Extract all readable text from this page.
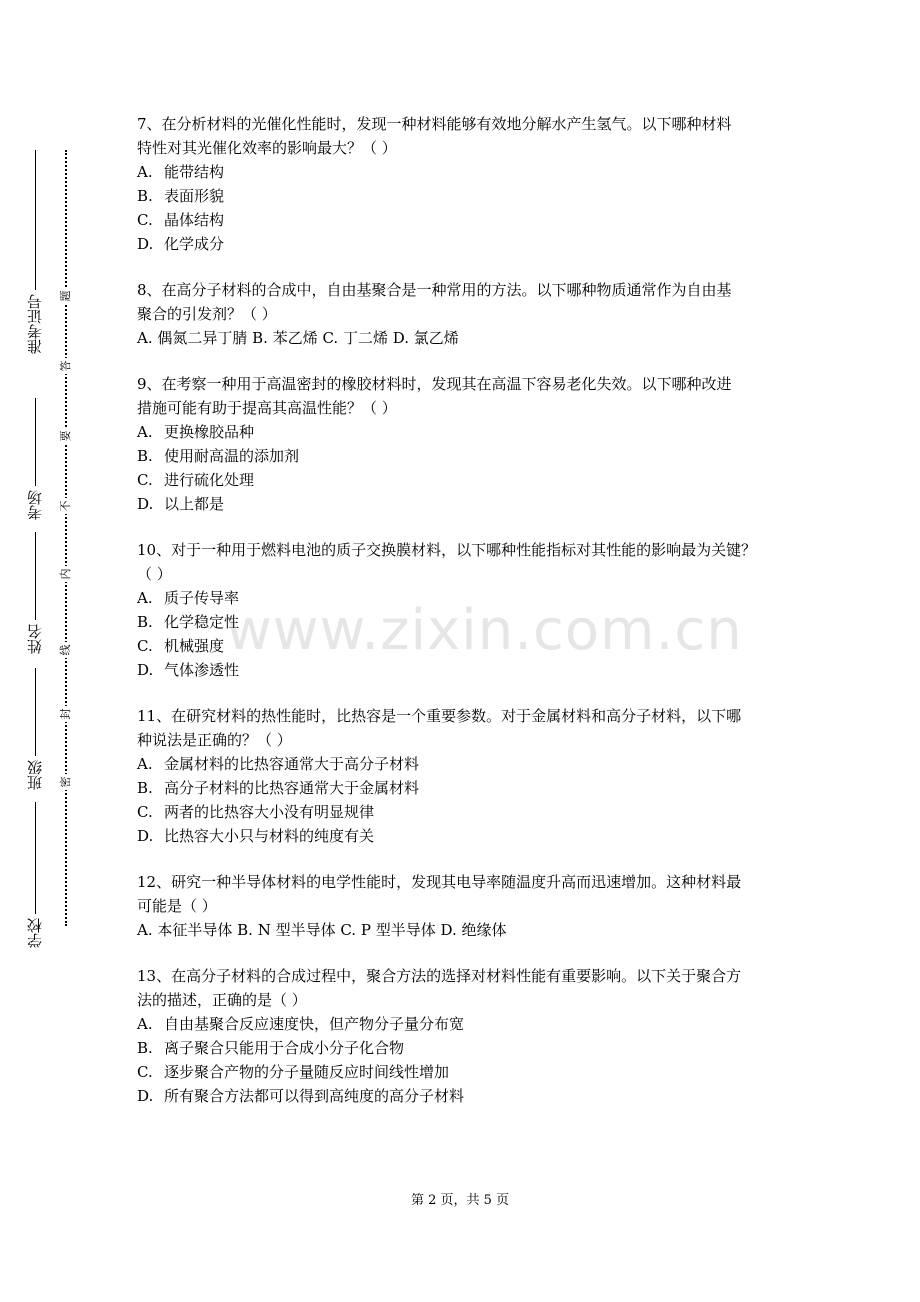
准考证号
考场
姓名
班级
学校
题
答
要
不
内
线
封
密
www.zixin.com.cn

7、在分析材料的光催化性能时，发现一种材料能够有效地分解水产生氢气。以下哪种材料

特性对其光催化效率的影响最大？（ ）

A. 能带结构

B. 表面形貌

C. 晶体结构

D. 化学成分

8、在高分子材料的合成中，自由基聚合是一种常用的方法。以下哪种物质通常作为自由基

聚合的引发剂？（ ）

A. 偶氮二异丁腈 B. 苯乙烯 C. 丁二烯 D. 氯乙烯

9、在考察一种用于高温密封的橡胶材料时，发现其在高温下容易老化失效。以下哪种改进

措施可能有助于提高其高温性能？（ ）

A. 更换橡胶品种

B. 使用耐高温的添加剂

C. 进行硫化处理

D. 以上都是

10、对于一种用于燃料电池的质子交换膜材料，以下哪种性能指标对其性能的影响最为关键？

（ ）

A. 质子传导率

B. 化学稳定性

C. 机械强度

D. 气体渗透性

11、在研究材料的热性能时，比热容是一个重要参数。对于金属材料和高分子材料，以下哪

种说法是正确的？（ ）

A. 金属材料的比热容通常大于高分子材料

B. 高分子材料的比热容通常大于金属材料

C. 两者的比热容大小没有明显规律

D. 比热容大小只与材料的纯度有关

12、研究一种半导体材料的电学性能时，发现其电导率随温度升高而迅速增加。这种材料最

可能是（ ）

A. 本征半导体 B. N 型半导体 C. P 型半导体 D. 绝缘体

13、在高分子材料的合成过程中，聚合方法的选择对材料性能有重要影响。以下关于聚合方

法的描述，正确的是（ ）

A. 自由基聚合反应速度快，但产物分子量分布宽

B. 离子聚合只能用于合成小分子化合物

C. 逐步聚合产物的分子量随反应时间线性增加

D. 所有聚合方法都可以得到高纯度的高分子材料

第 2 页，共 5 页
